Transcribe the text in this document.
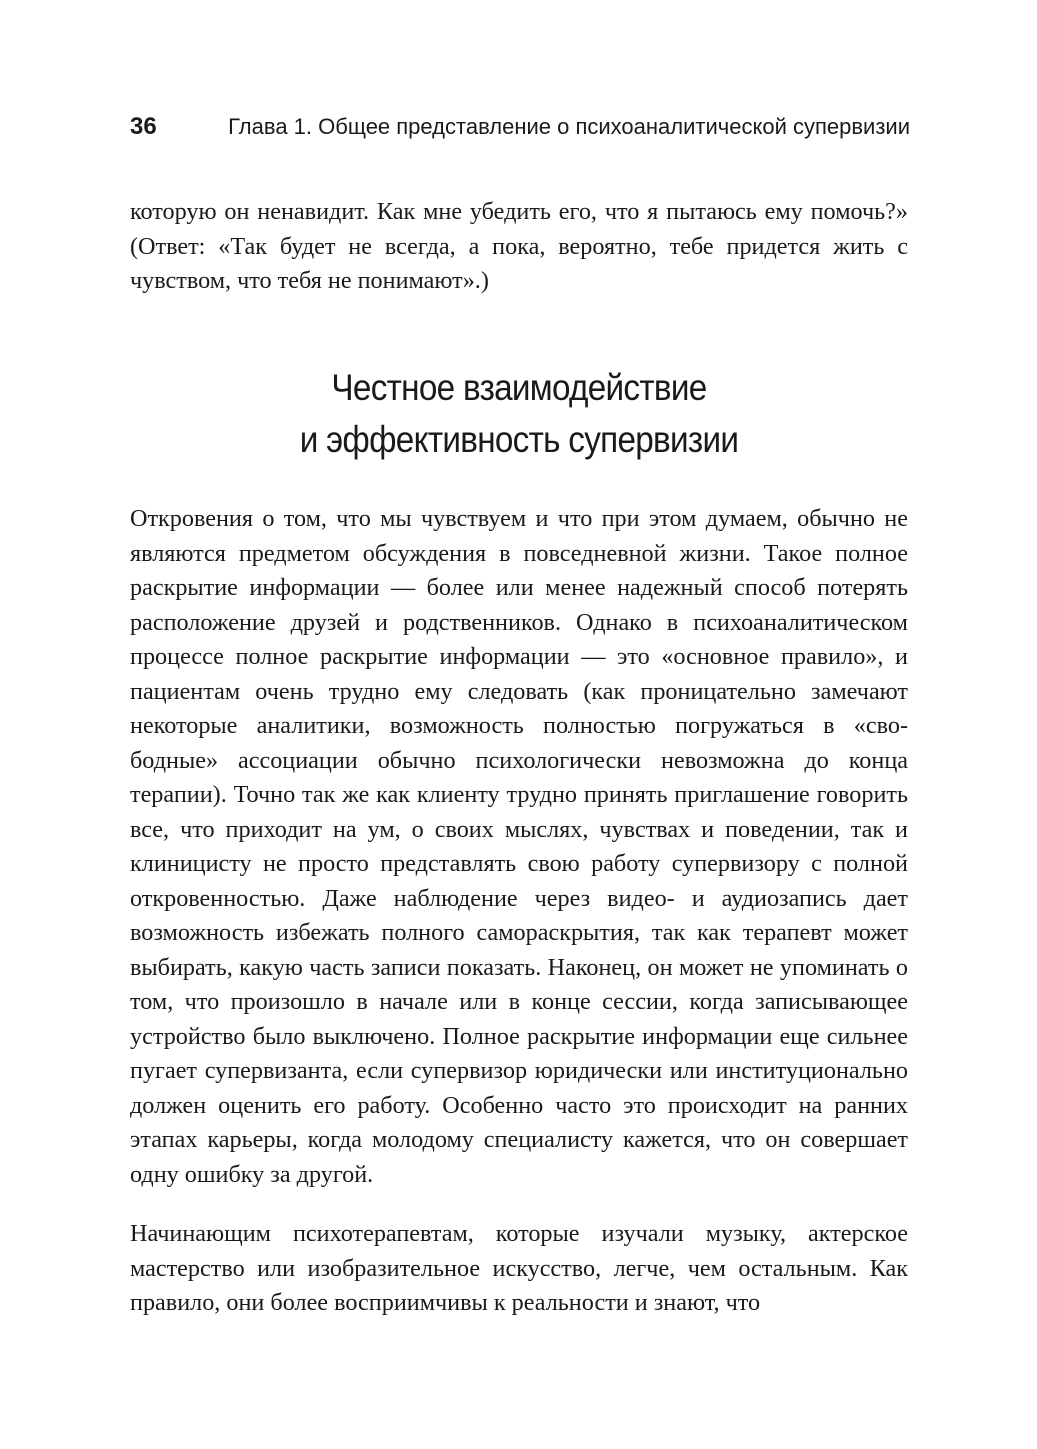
36	Глава 1. Общее представление о психоаналитической супервизии

которую он ненавидит. Как мне убедить его, что я пытаюсь ему помочь?» (Ответ: «Так будет не всегда, а пока, вероятно, тебе придется жить с чувством, что тебя не понимают».)

Честное взаимодействие
и эффективность супервизии

Откровения о том, что мы чувствуем и что при этом думаем, обычно не являются предметом обсуждения в повседневной жизни. Такое полное раскрытие информации — более или менее надежный способ потерять расположение друзей и родственников. Однако в психоаналитическом процессе полное раскрытие информации — это «основное правило», и пациентам очень трудно ему следовать (как проницательно замечают некоторые аналитики, возможность полностью погружаться в «свободные» ассоциации обычно психологически невозможна до конца терапии). Точно так же как клиенту трудно принять приглашение говорить все, что приходит на ум, о своих мыслях, чувствах и поведении, так и клиницисту не просто представлять свою работу супервизору с полной откровенностью. Даже наблюдение через видео- и аудиозапись дает возможность избежать полного самораскрытия, так как терапевт может выбирать, какую часть записи показать. Наконец, он может не упоминать о том, что произошло в начале или в конце сессии, когда записывающее устройство было выключено. Полное раскрытие информации еще сильнее пугает супервизанта, если супервизор юридически или институционально должен оценить его работу. Особенно часто это происходит на ранних этапах карьеры, когда молодому специалисту кажется, что он совершает одну ошибку за другой.

Начинающим психотерапевтам, которые изучали музыку, актерское мастерство или изобразительное искусство, легче, чем остальным. Как правило, они более восприимчивы к реальности и знают, что
